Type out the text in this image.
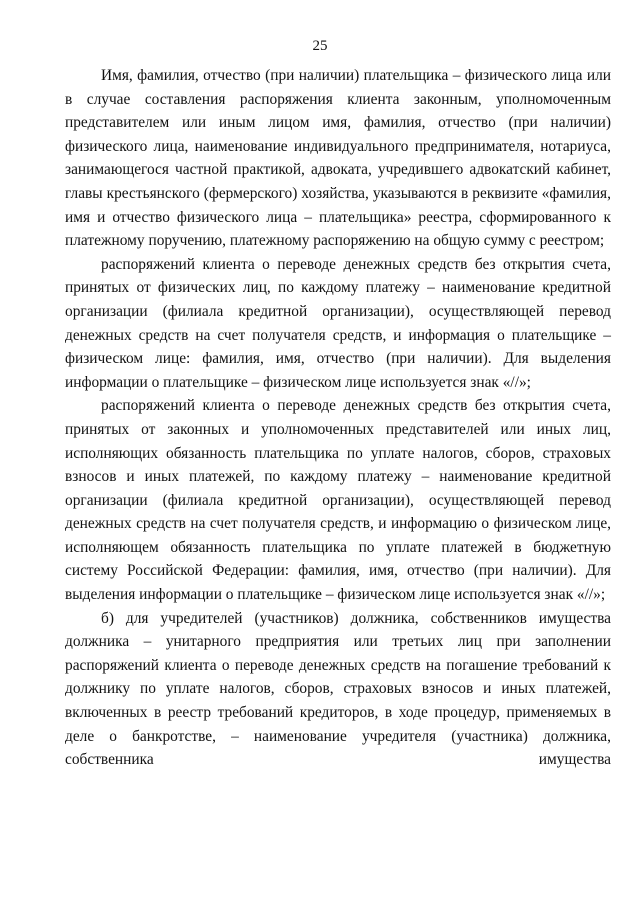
25

Имя, фамилия, отчество (при наличии) плательщика – физического лица или в случае составления распоряжения клиента законным, уполномоченным представителем или иным лицом имя, фамилия, отчество (при наличии) физического лица, наименование индивидуального предпринимателя, нотариуса, занимающегося частной практикой, адвоката, учредившего адвокатский кабинет, главы крестьянского (фермерского) хозяйства, указываются в реквизите «фамилия, имя и отчество физического лица – плательщика» реестра, сформированного к платежному поручению, платежному распоряжению на общую сумму с реестром;

распоряжений клиента о переводе денежных средств без открытия счета, принятых от физических лиц, по каждому платежу – наименование кредитной организации (филиала кредитной организации), осуществляющей перевод денежных средств на счет получателя средств, и информация о плательщике – физическом лице: фамилия, имя, отчество (при наличии). Для выделения информации о плательщике – физическом лице используется знак «//»;

распоряжений клиента о переводе денежных средств без открытия счета, принятых от законных и уполномоченных представителей или иных лиц, исполняющих обязанность плательщика по уплате налогов, сборов, страховых взносов и иных платежей, по каждому платежу – наименование кредитной организации (филиала кредитной организации), осуществляющей перевод денежных средств на счет получателя средств, и информацию о физическом лице, исполняющем обязанность плательщика по уплате платежей в бюджетную систему Российской Федерации: фамилия, имя, отчество (при наличии). Для выделения информации о плательщике – физическом лице используется знак «//»;

б) для учредителей (участников) должника, собственников имущества должника – унитарного предприятия или третьих лиц при заполнении распоряжений клиента о переводе денежных средств на погашение требований к должнику по уплате налогов, сборов, страховых взносов и иных платежей, включенных в реестр требований кредиторов, в ходе процедур, применяемых в деле о банкротстве, – наименование учредителя (участника) должника, собственника имущества
